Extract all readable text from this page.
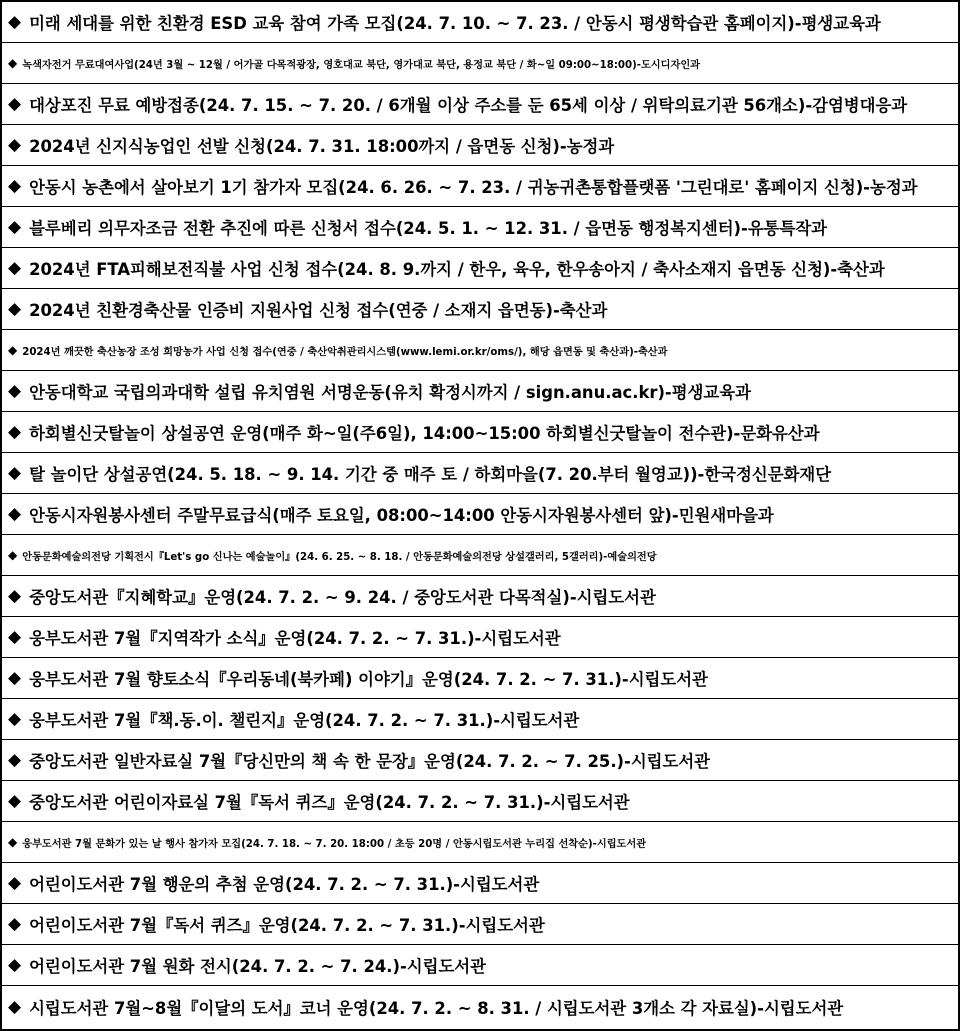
◆ 미래 세대를 위한 친환경 ESD 교육 참여 가족 모집(24. 7. 10. ~ 7. 23. / 안동시 평생학습관 홈페이지)-평생교육과
◆ 녹색자전거 무료대여사업(24년 3월 ~ 12월 / 어가골 다목적광장, 영호대교 북단, 영가대교 북단, 용정교 북단 / 화~일 09:00~18:00)-도시디자인과
◆ 대상포진 무료 예방접종(24. 7. 15. ~ 7. 20. / 6개월 이상 주소를 둔 65세 이상 / 위탁의료기관 56개소)-감염병대응과
◆ 2024년 신지식농업인 선발 신청(24. 7. 31. 18:00까지 / 읍면동 신청)-농정과
◆ 안동시 농촌에서 살아보기 1기 참가자 모집(24. 6. 26. ~ 7. 23. / 귀농귀촌통합플랫폼 '그린대로' 홈페이지 신청)-농정과
◆ 블루베리 의무자조금 전환 추진에 따른 신청서 접수(24. 5. 1. ~ 12. 31. / 읍면동 행정복지센터)-유통특작과
◆ 2024년 FTA피해보전직불 사업 신청 접수(24. 8. 9.까지 / 한우, 육우, 한우송아지 / 축사소재지 읍면동 신청)-축산과
◆ 2024년 친환경축산물 인증비 지원사업 신청 접수(연중 / 소재지 읍면동)-축산과
◆ 2024년 깨끗한 축산농장 조성 희망농가 사업 신청 접수(연중 / 축산악취관리시스템(www.lemi.or.kr/oms/), 해당 읍면동 및 축산과)-축산과
◆ 안동대학교 국립의과대학 설립 유치염원 서명운동(유치 확정시까지 / sign.anu.ac.kr)-평생교육과
◆ 하회별신굿탈놀이 상설공연 운영(매주 화~일(주6일), 14:00~15:00 하회별신굿탈놀이 전수관)-문화유산과
◆ 탈 놀이단 상설공연(24. 5. 18. ~ 9. 14. 기간 중 매주 토 / 하회마을(7. 20.부터 월영교))-한국정신문화재단
◆ 안동시자원봉사센터 주말무료급식(매주 토요일, 08:00~14:00 안동시자원봉사센터 앞)-민원새마을과
◆ 안동문화예술의전당 기획전시『Let's go 신나는 예술놀이』(24. 6. 25. ~ 8. 18. / 안동문화예술의전당 상설갤러리, 5갤러리)-예술의전당
◆ 중앙도서관『지혜학교』운영(24. 7. 2. ~ 9. 24. / 중앙도서관 다목적실)-시립도서관
◆ 웅부도서관 7월『지역작가 소식』운영(24. 7. 2. ~ 7. 31.)-시립도서관
◆ 웅부도서관 7월 향토소식『우리동네(북카페) 이야기』운영(24. 7. 2. ~ 7. 31.)-시립도서관
◆ 웅부도서관 7월『책.동.이. 챌린지』운영(24. 7. 2. ~ 7. 31.)-시립도서관
◆ 중앙도서관 일반자료실 7월『당신만의 책 속 한 문장』운영(24. 7. 2. ~ 7. 25.)-시립도서관
◆ 중앙도서관 어린이자료실 7월『독서 퀴즈』운영(24. 7. 2. ~ 7. 31.)-시립도서관
◆ 웅부도서관 7월 문화가 있는 날 행사 참가자 모집(24. 7. 18. ~ 7. 20. 18:00 / 초등 20명 / 안동시립도서관 누리집 선착순)-시립도서관
◆ 어린이도서관 7월 행운의 추첨 운영(24. 7. 2. ~ 7. 31.)-시립도서관
◆ 어린이도서관 7월『독서 퀴즈』운영(24. 7. 2. ~ 7. 31.)-시립도서관
◆ 어린이도서관 7월 원화 전시(24. 7. 2. ~ 7. 24.)-시립도서관
◆ 시립도서관 7월~8월『이달의 도서』코너 운영(24. 7. 2. ~ 8. 31. / 시립도서관 3개소 각 자료실)-시립도서관
